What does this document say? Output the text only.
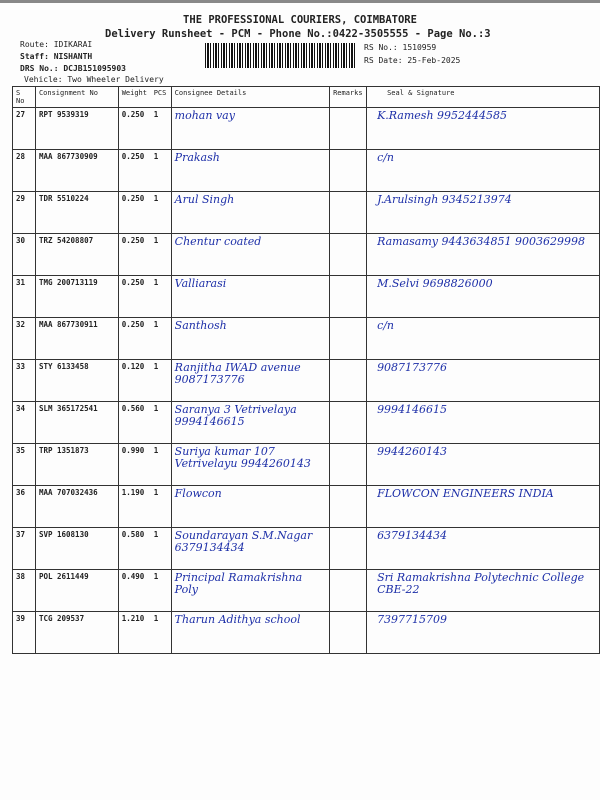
THE PROFESSIONAL COURIERS, COIMBATORE
Delivery Runsheet - PCM - Phone No.:0422-3505555 - Page No.:3
Route: IDIKARAI
Staff: NISHANTH
DRS No.: DCJB151095903
Vehicle: Two Wheeler Delivery
RS No.: 1510959
RS Date: 25-Feb-2025
S No	Consignment No	Weight	PCS	Consignee Details	Remarks	Seal & Signature
27	RPT 9539319	0.250	1	mohan vay		K.Ramesh 9952444585
28	MAA 867730909	0.250	1	Prakash		c/n
29	TDR 5510224	0.250	1	Arul Singh		J.Arulsingh 9345213974
30	TRZ 54208807	0.250	1	Chentur coated		Ramasamy 9443634851 9003629998
31	TMG 200713119	0.250	1	Valliarasi		M.Selvi 9698826000
32	MAA 867730911	0.250	1	Santhosh		c/n
33	STY 6133458	0.120	1	Ranjitha IWAD avenue 9087173776		9087173776
34	SLM 365172541	0.560	1	Saranya 3 Vetrivelaya 9994146615		9994146615
35	TRP 1351873	0.990	1	Suriya kumar 107 Vetrivelayu 9944260143		9944260143
36	MAA 707032436	1.190	1	Flowcon		FLOWCON ENGINEERS INDIA
37	SVP 1608130	0.580	1	Soundarayan S.M.Nagar 6379134434		6379134434
38	POL 2611449	0.490	1	Principal Ramakrishna Poly		Sri Ramakrishna Polytechnic College CBE-22
39	TCG 209537	1.210	1	Tharun Adithya school		7397715709
